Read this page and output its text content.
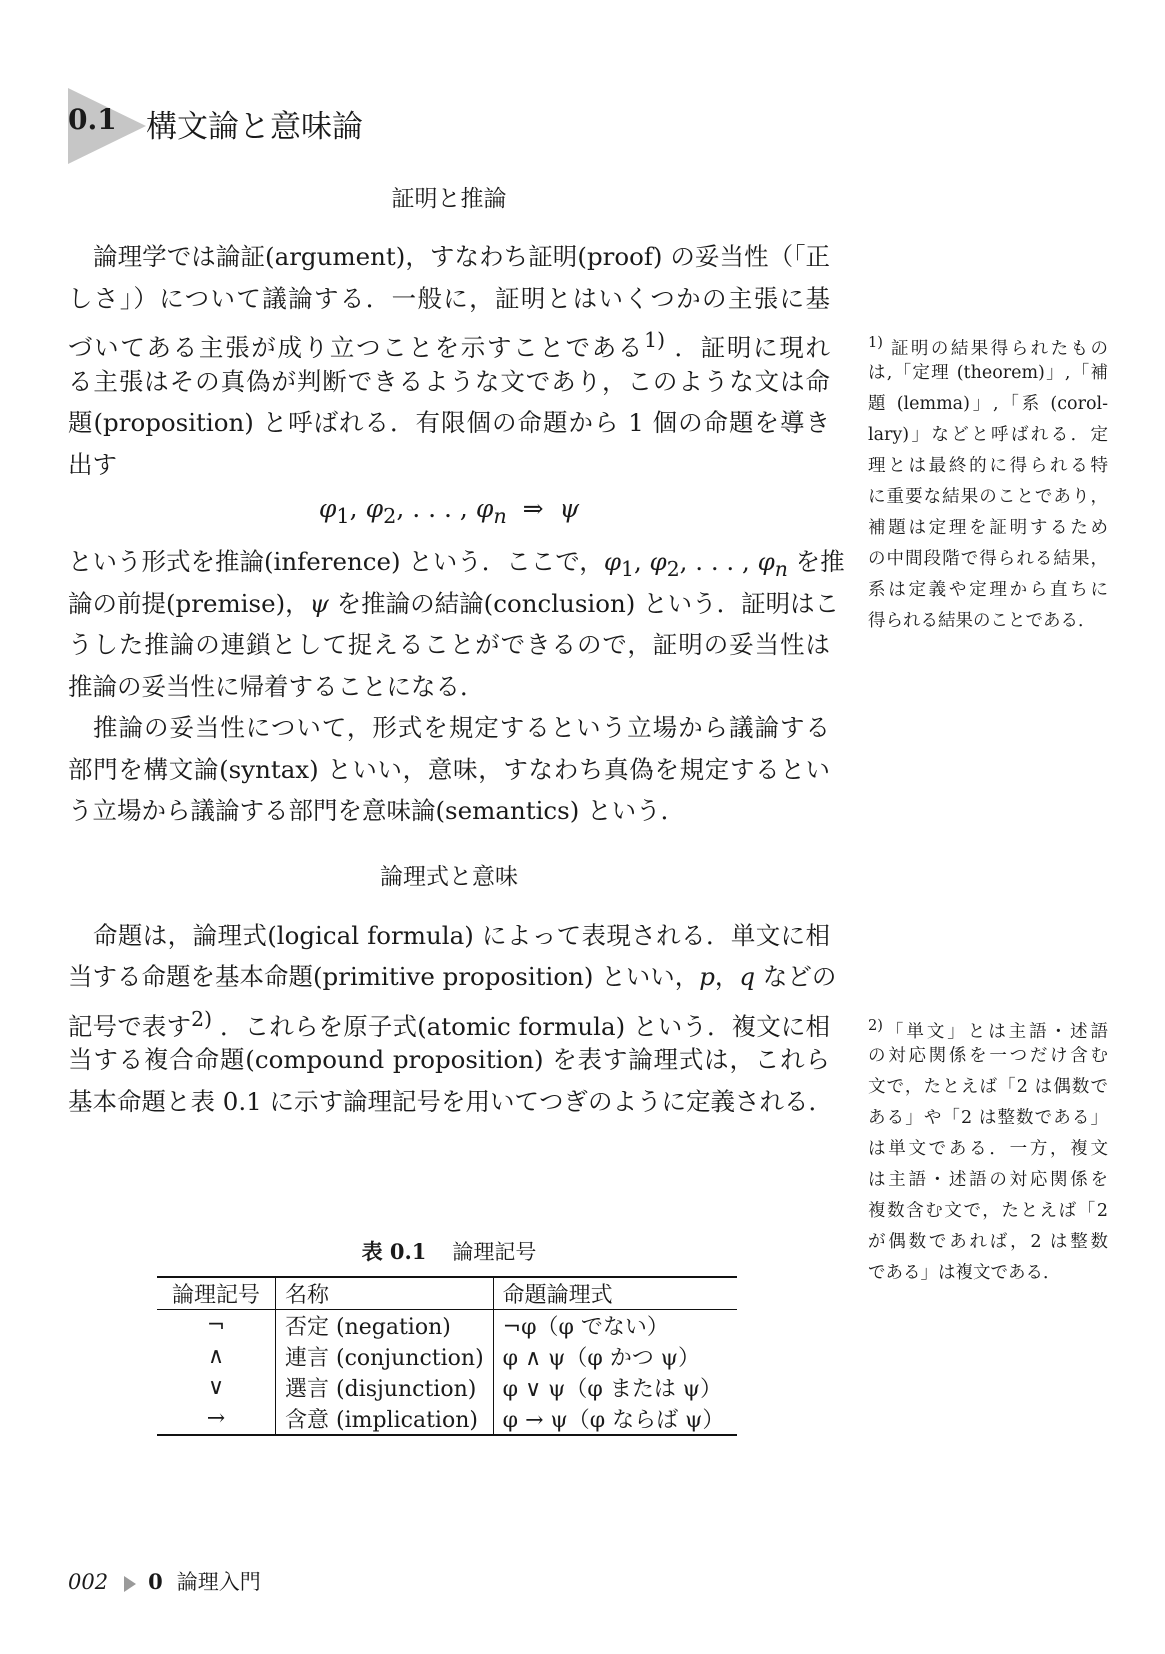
0.1 構文論と意味論
証明と推論
論理学では論証(argument)，すなわち証明(proof) の妥当性（「正
しさ」）について議論する．一般に，証明とはいくつかの主張に基
づいてある主張が成り立つことを示すことである$^{1)}$ ．証明に現れ
る主張はその真偽が判断できるような文であり，このような文は命
題(proposition) と呼ばれる．有限個の命題から 1 個の命題を導き
出す
$\varphi_1$, $\varphi_2$, . . . , $\varphi_n$  ⇒  ψ
という形式を推論(inference) という．ここで，$\varphi_1$, $\varphi_2$, . . . , $\varphi_n$ を推
論の前提(premise)，ψ を推論の結論(conclusion) という．証明はこ
うした推論の連鎖として捉えることができるので，証明の妥当性は
推論の妥当性に帰着することになる．
推論の妥当性について，形式を規定するという立場から議論する
部門を構文論(syntax) といい，意味，すなわち真偽を規定するとい
う立場から議論する部門を意味論(semantics) という．
論理式と意味
命題は，論理式(logical formula) によって表現される．単文に相
当する命題を基本命題(primitive proposition) といい，p，q などの
記号で表す$^{2)}$ ．これらを原子式(atomic formula) という．複文に相
当する複合命題(compound proposition) を表す論理式は，これら
基本命題と表 0.1 に示す論理記号を用いてつぎのように定義される．
$^{1)}$ 証明の結果得られたもの
は,「定理 (theorem)」,「補
題 (lemma)」,「系 (corol-
lary)」などと呼ばれる．定
理とは最終的に得られる特
に重要な結果のことであり，
補題は定理を証明するため
の中間段階で得られる結果，
系は定義や定理から直ちに
得られる結果のことである．
$^{2)}$「単文」とは主語・述語
の対応関係を一つだけ含む
文で，たとえば「2 は偶数で
ある」や「2 は整数である」
は単文である．一方，複文
は主語・述語の対応関係を
複数含む文で，たとえば「2
が偶数であれば，2 は整数
である」は複文である．
表 0.1 論理記号
論理記号	名称	命題論理式
¬	否定 (negation)	¬φ（φ でない）
∧	連言 (conjunction)	φ ∧ ψ（φ かつ ψ）
∨	選言 (disjunction)	φ ∨ ψ（φ または ψ）
→	含意 (implication)	φ → ψ（φ ならば ψ）
002 0 論理入門
